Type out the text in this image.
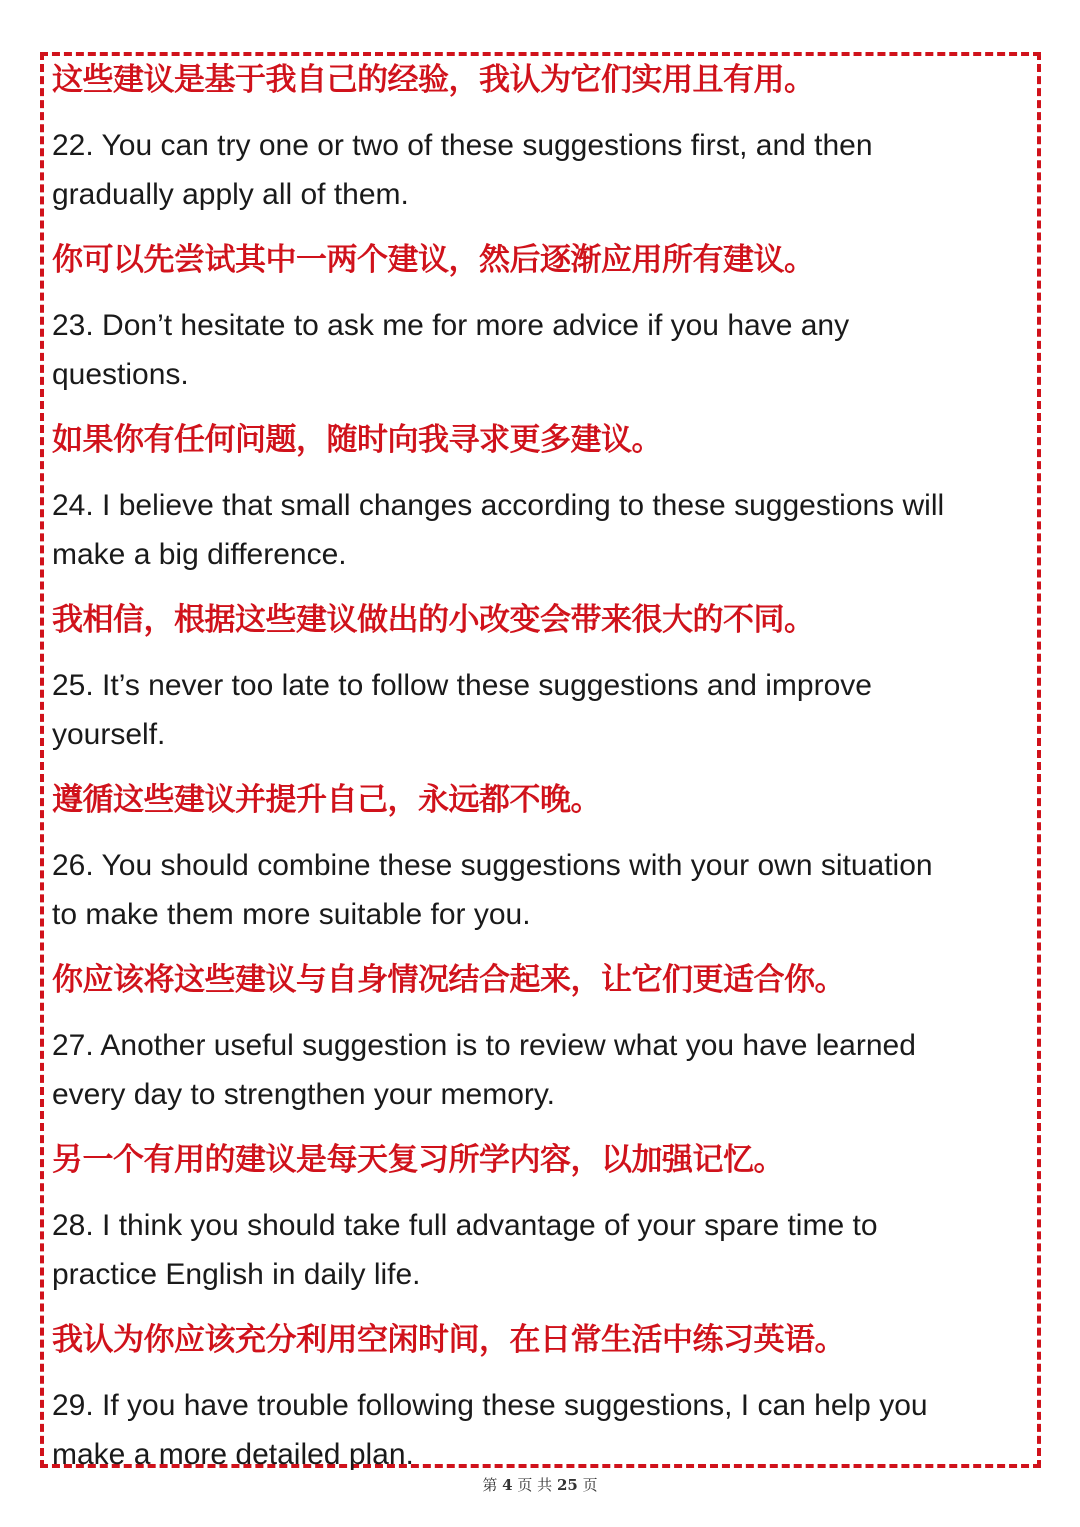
这些建议是基于我自己的经验，我认为它们实用且有用。

22. You can try one or two of these suggestions first, and then
gradually apply all of them.

你可以先尝试其中一两个建议，然后逐渐应用所有建议。

23. Don’t hesitate to ask me for more advice if you have any
questions.

如果你有任何问题，随时向我寻求更多建议。

24. I believe that small changes according to these suggestions will
make a big difference.

我相信，根据这些建议做出的小改变会带来很大的不同。

25. It’s never too late to follow these suggestions and improve
yourself.

遵循这些建议并提升自己，永远都不晚。

26. You should combine these suggestions with your own situation
to make them more suitable for you.

你应该将这些建议与自身情况结合起来，让它们更适合你。

27. Another useful suggestion is to review what you have learned
every day to strengthen your memory.

另一个有用的建议是每天复习所学内容，以加强记忆。

28. I think you should take full advantage of your spare time to
practice English in daily life.

我认为你应该充分利用空闲时间，在日常生活中练习英语。

29. If you have trouble following these suggestions, I can help you
make a more detailed plan.

第 4 页 共 25 页
